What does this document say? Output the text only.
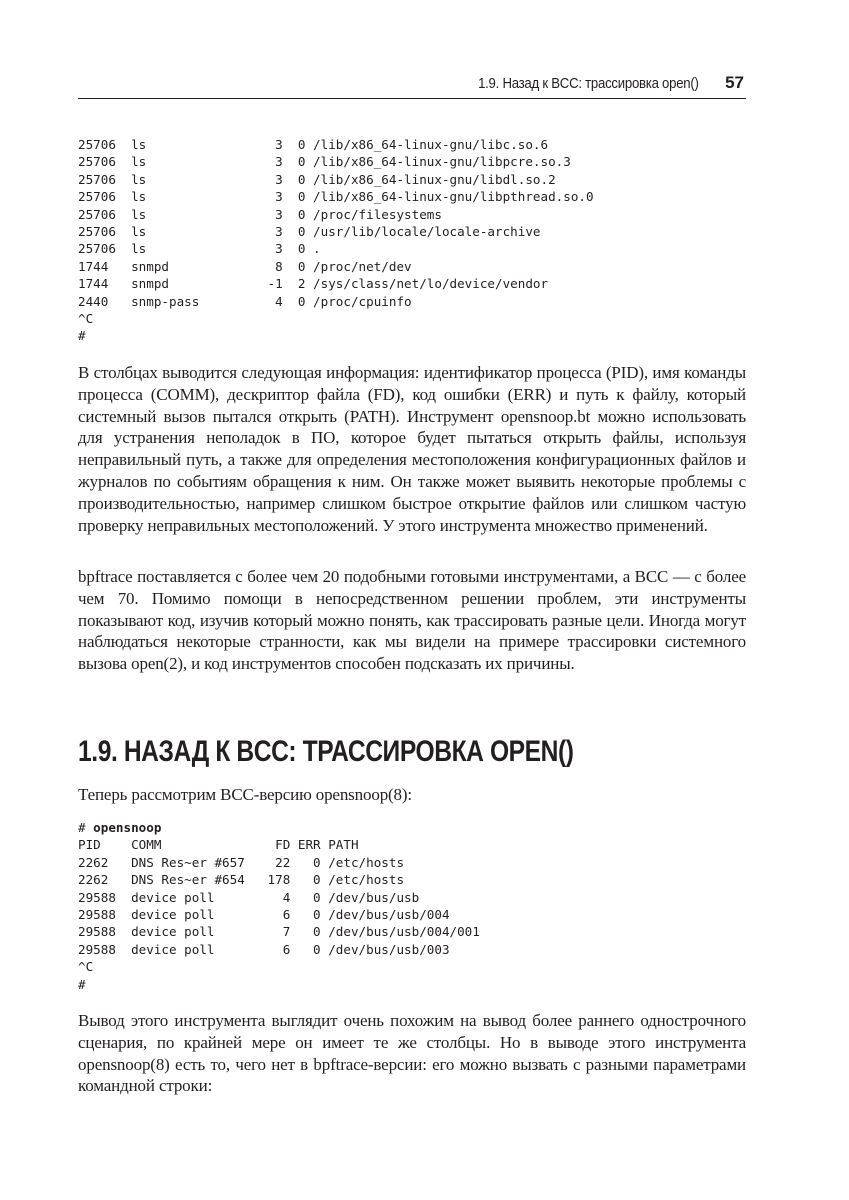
1.9. Назад к BCC: трассировка open() 57
25706  ls                 3  0 /lib/x86_64-linux-gnu/libc.so.6
25706  ls                 3  0 /lib/x86_64-linux-gnu/libpcre.so.3
25706  ls                 3  0 /lib/x86_64-linux-gnu/libdl.so.2
25706  ls                 3  0 /lib/x86_64-linux-gnu/libpthread.so.0
25706  ls                 3  0 /proc/filesystems
25706  ls                 3  0 /usr/lib/locale/locale-archive
25706  ls                 3  0 .
1744   snmpd              8  0 /proc/net/dev
1744   snmpd             -1  2 /sys/class/net/lo/device/vendor
2440   snmp-pass          4  0 /proc/cpuinfo
^C
#

В столбцах выводится следующая информация: идентификатор процесса (PID), имя команды процесса (COMM), дескриптор файла (FD), код ошибки (ERR) и путь к файлу, который системный вызов пытался открыть (PATH). Инструмент opensnoop.bt можно использовать для устранения неполадок в ПО, которое будет пытаться открыть файлы, используя неправильный путь, а также для определения местоположения конфигурационных файлов и журналов по событиям обращения к ним. Он также может выявить некоторые проблемы с производительностью, например слишком быстрое открытие файлов или слишком частую проверку неправильных местоположений. У этого инструмента множество применений.

bpftrace поставляется с более чем 20 подобными готовыми инструментами, а BCC — с более чем 70. Помимо помощи в непосредственном решении проблем, эти инструменты показывают код, изучив который можно понять, как трассировать разные цели. Иногда могут наблюдаться некоторые странности, как мы видели на примере трассировки системного вызова open(2), и код инструментов способен подсказать их причины.

1.9. НАЗАД К BCC: ТРАССИРОВКА OPEN()

Теперь рассмотрим BCC-версию opensnoop(8):

# opensnoop
PID    COMM               FD ERR PATH
2262   DNS Res~er #657    22   0 /etc/hosts
2262   DNS Res~er #654   178   0 /etc/hosts
29588  device poll         4   0 /dev/bus/usb
29588  device poll         6   0 /dev/bus/usb/004
29588  device poll         7   0 /dev/bus/usb/004/001
29588  device poll         6   0 /dev/bus/usb/003
^C
#

Вывод этого инструмента выглядит очень похожим на вывод более раннего однострочного сценария, по крайней мере он имеет те же столбцы. Но в выводе этого инструмента opensnoop(8) есть то, чего нет в bpftrace-версии: его можно вызвать с разными параметрами командной строки:
